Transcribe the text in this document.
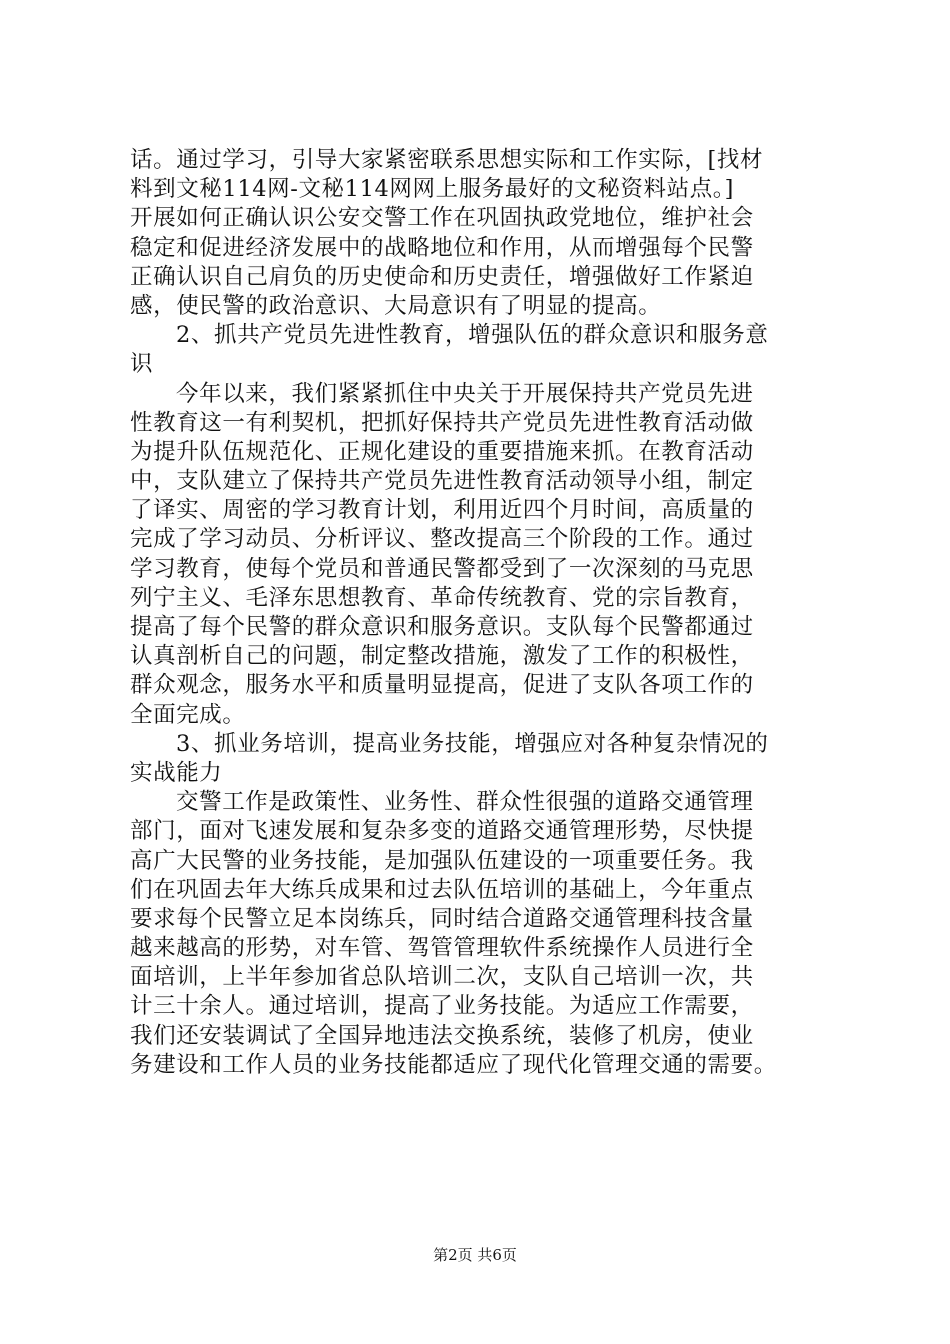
话。通过学习，引导大家紧密联系思想实际和工作实际，[找材
料到文秘114网-文秘114网网上服务最好的文秘资料站点。]
开展如何正确认识公安交警工作在巩固执政党地位，维护社会
稳定和促进经济发展中的战略地位和作用，从而增强每个民警
正确认识自己肩负的历史使命和历史责任，增强做好工作紧迫
感，使民警的政治意识、大局意识有了明显的提高。
2、抓共产党员先进性教育，增强队伍的群众意识和服务意
识
今年以来，我们紧紧抓住中央关于开展保持共产党员先进
性教育这一有利契机，把抓好保持共产党员先进性教育活动做
为提升队伍规范化、正规化建设的重要措施来抓。在教育活动
中，支队建立了保持共产党员先进性教育活动领导小组，制定
了译实、周密的学习教育计划，利用近四个月时间，高质量的
完成了学习动员、分析评议、整改提高三个阶段的工作。通过
学习教育，使每个党员和普通民警都受到了一次深刻的马克思
列宁主义、毛泽东思想教育、革命传统教育、党的宗旨教育，
提高了每个民警的群众意识和服务意识。支队每个民警都通过
认真剖析自己的问题，制定整改措施，激发了工作的积极性，
群众观念，服务水平和质量明显提高，促进了支队各项工作的
全面完成。
3、抓业务培训，提高业务技能，增强应对各种复杂情况的
实战能力
交警工作是政策性、业务性、群众性很强的道路交通管理
部门，面对飞速发展和复杂多变的道路交通管理形势，尽快提
高广大民警的业务技能，是加强队伍建设的一项重要任务。我
们在巩固去年大练兵成果和过去队伍培训的基础上，今年重点
要求每个民警立足本岗练兵，同时结合道路交通管理科技含量
越来越高的形势，对车管、驾管管理软件系统操作人员进行全
面培训，上半年参加省总队培训二次，支队自己培训一次，共
计三十余人。通过培训，提高了业务技能。为适应工作需要，
我们还安装调试了全国异地违法交换系统，装修了机房，使业
务建设和工作人员的业务技能都适应了现代化管理交通的需要。
第2页 共6页
